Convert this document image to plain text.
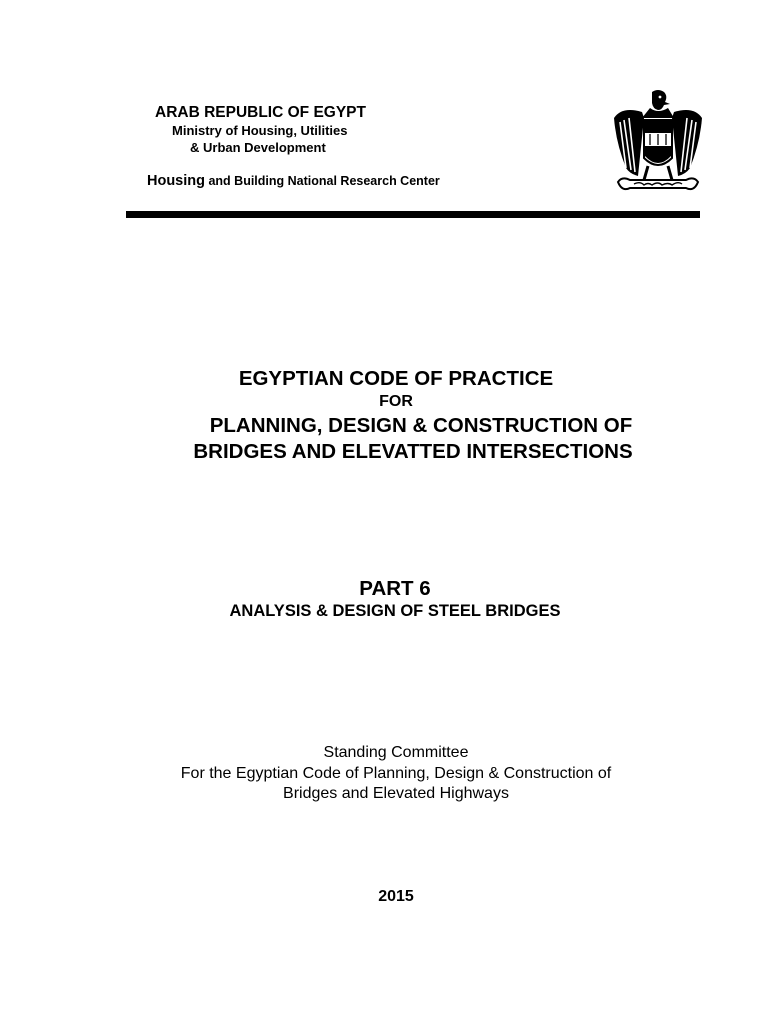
ARAB REPUBLIC OF EGYPT
Ministry of Housing, Utilities
& Urban Development
Housing and Building National Research Center
EGYPTIAN CODE OF PRACTICE
FOR
PLANNING, DESIGN & CONSTRUCTION OF
BRIDGES AND ELEVATTED INTERSECTIONS
PART 6
ANALYSIS & DESIGN OF STEEL BRIDGES
Standing Committee
For the Egyptian Code of Planning, Design & Construction of
Bridges and Elevated Highways
2015
